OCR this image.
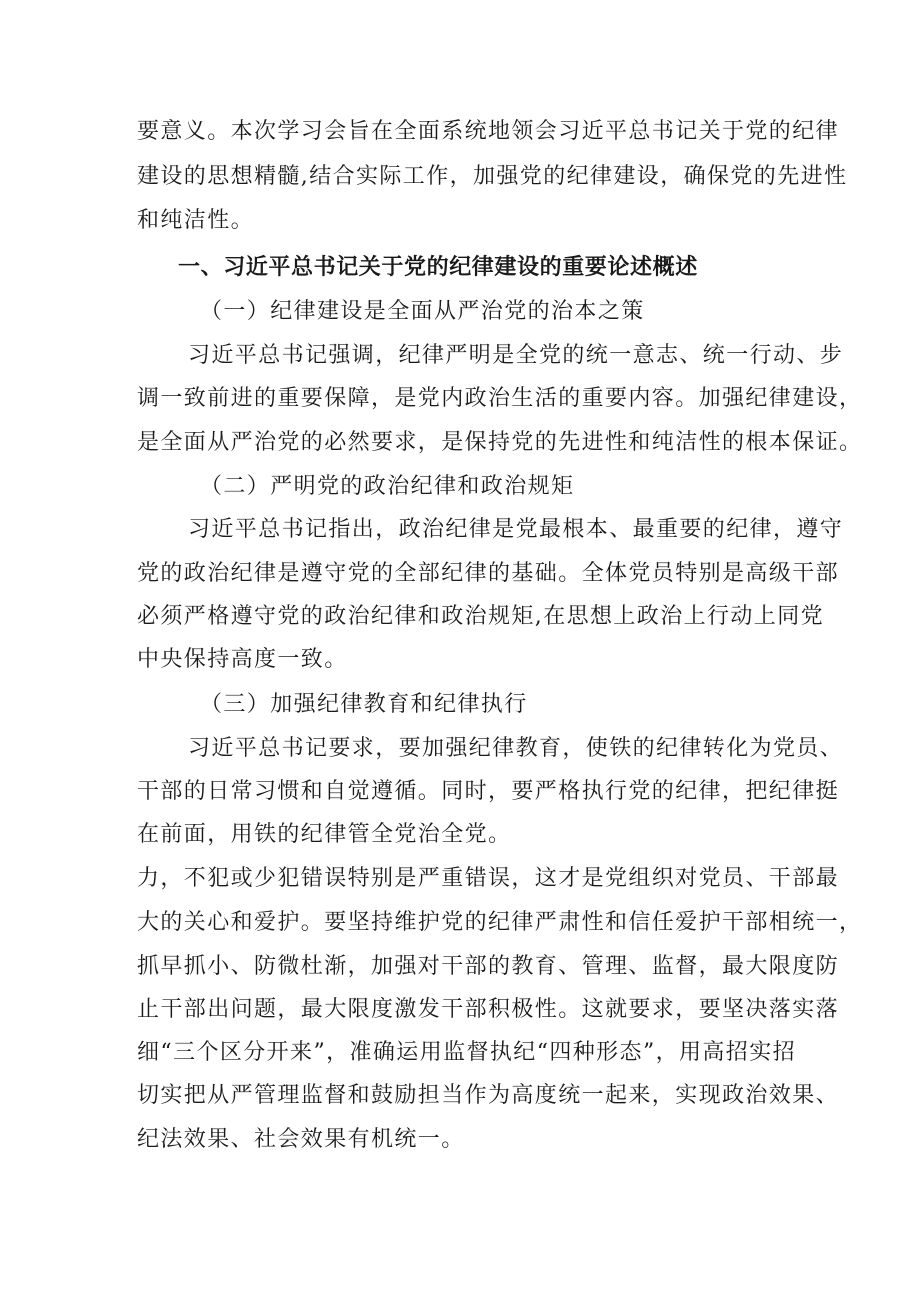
要意义。本次学习会旨在全面系统地领会习近平总书记关于党的纪律
建设的思想精髓,结合实际工作，加强党的纪律建设，确保党的先进性
和纯洁性。
一、习近平总书记关于党的纪律建设的重要论述概述
（一）纪律建设是全面从严治党的治本之策
习近平总书记强调，纪律严明是全党的统一意志、统一行动、步
调一致前进的重要保障，是党内政治生活的重要内容。加强纪律建设，
是全面从严治党的必然要求，是保持党的先进性和纯洁性的根本保证。
（二）严明党的政治纪律和政治规矩
习近平总书记指出，政治纪律是党最根本、最重要的纪律，遵守
党的政治纪律是遵守党的全部纪律的基础。全体党员特别是高级干部
必须严格遵守党的政治纪律和政治规矩,在思想上政治上行动上同党
中央保持高度一致。
（三）加强纪律教育和纪律执行
习近平总书记要求，要加强纪律教育，使铁的纪律转化为党员、
干部的日常习惯和自觉遵循。同时，要严格执行党的纪律，把纪律挺
在前面，用铁的纪律管全党治全党。
力，不犯或少犯错误特别是严重错误，这才是党组织对党员、干部最
大的关心和爱护。要坚持维护党的纪律严肃性和信任爱护干部相统一，
抓早抓小、防微杜渐，加强对干部的教育、管理、监督，最大限度防
止干部出问题，最大限度激发干部积极性。这就要求，要坚决落实落
细“三个区分开来”，准确运用监督执纪“四种形态”，用高招实招
切实把从严管理监督和鼓励担当作为高度统一起来，实现政治效果、
纪法效果、社会效果有机统一。
